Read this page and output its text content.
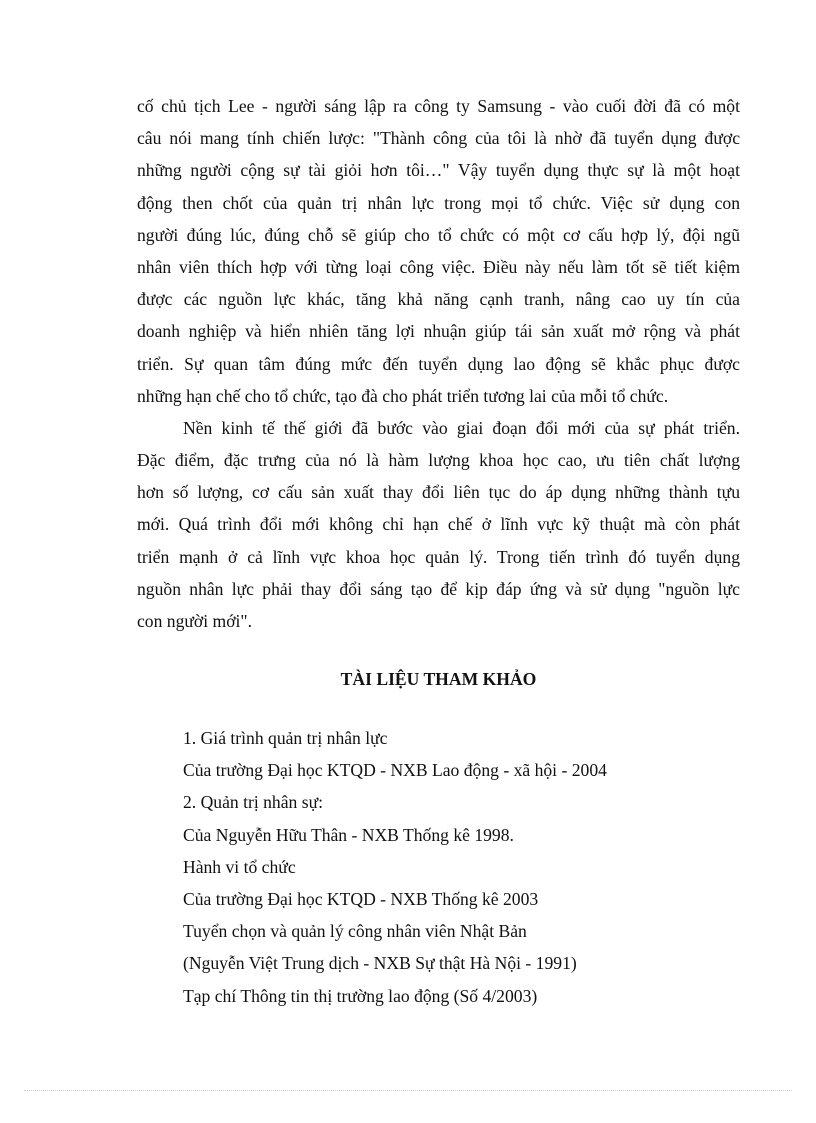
cố chủ tịch Lee - người sáng lập ra công ty Samsung - vào cuối đời đã có một
câu nói mang tính chiến lược: "Thành công của tôi là nhờ đã tuyển dụng được
những người cộng sự tài giỏi hơn tôi…" Vậy tuyển dụng thực sự là một hoạt
động then chốt của quản trị nhân lực trong mọi tổ chức. Việc sử dụng con
người đúng lúc, đúng chỗ sẽ giúp cho tổ chức có một cơ cấu hợp lý, đội ngũ
nhân viên thích hợp với từng loại công việc. Điều này nếu làm tốt sẽ tiết kiệm
được các nguồn lực khác, tăng khả năng cạnh tranh, nâng cao uy tín của
doanh nghiệp và hiển nhiên tăng lợi nhuận giúp tái sản xuất mở rộng và phát
triển. Sự quan tâm đúng mức đến tuyển dụng lao động sẽ khắc phục được
những hạn chế cho tổ chức, tạo đà cho phát triển tương lai của mỗi tổ chức.
Nền kinh tế thế giới đã bước vào giai đoạn đổi mới của sự phát triển.
Đặc điểm, đặc trưng của nó là hàm lượng khoa học cao, ưu tiên chất lượng
hơn số lượng, cơ cấu sản xuất thay đổi liên tục do áp dụng những thành tựu
mới. Quá trình đổi mới không chỉ hạn chế ở lĩnh vực kỹ thuật mà còn phát
triển mạnh ở cả lĩnh vực khoa học quản lý. Trong tiến trình đó tuyển dụng
nguồn nhân lực phải thay đổi sáng tạo để kịp đáp ứng và sử dụng "nguồn lực
con người mới".
TÀI LIỆU THAM KHẢO
1. Giá trình quản trị nhân lực
Của trường Đại học KTQD - NXB Lao động - xã hội - 2004
2. Quản trị nhân sự:
Của Nguyễn Hữu Thân - NXB Thống kê 1998.
Hành vi tổ chức
Của trường Đại học KTQD - NXB Thống kê 2003
Tuyển chọn và quản lý công nhân viên Nhật Bản
(Nguyễn Việt Trung dịch - NXB Sự thật Hà Nội - 1991)
Tạp chí Thông tin thị trường lao động (Số 4/2003)
